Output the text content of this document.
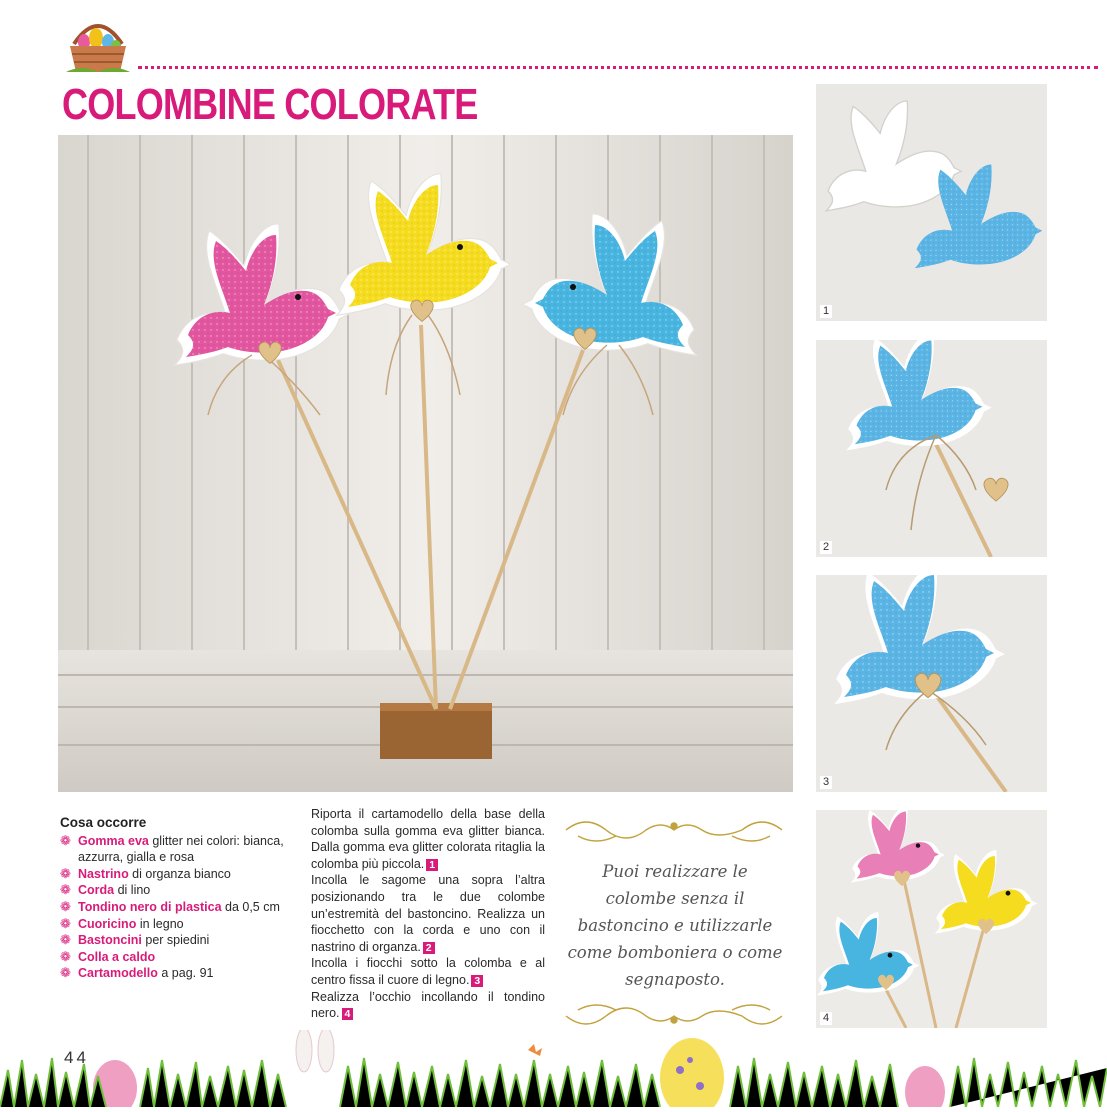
COLOMBINE COLORATE
1
2
3
4
Cosa occorre
❁ Gomma eva glitter nei colori: bianca, azzurra, gialla e rosa
❁ Nastrino di organza bianco
❁ Corda di lino
❁ Tondino nero di plastica da 0,5 cm
❁ Cuoricino in legno
❁ Bastoncini per spiedini
❁ Colla a caldo
❁ Cartamodello a pag. 91

Riporta il cartamodello della base della colomba sulla gomma eva glitter bianca. Dalla gomma eva glitter colorata ritaglia la colomba più piccola. 1

Incolla le sagome una sopra l’altra posizionando tra le due colombe un’estremità del bastoncino. Realizza un fiocchetto con la corda e uno con il nastrino di organza. 2

Incolla i fiocchi sotto la colomba e al centro fissa il cuore di legno. 3

Realizza l’occhio incollando il tondino nero. 4

Puoi realizzare le colombe senza il bastoncino e utilizzarle come bomboniera o come segnaposto.
44
